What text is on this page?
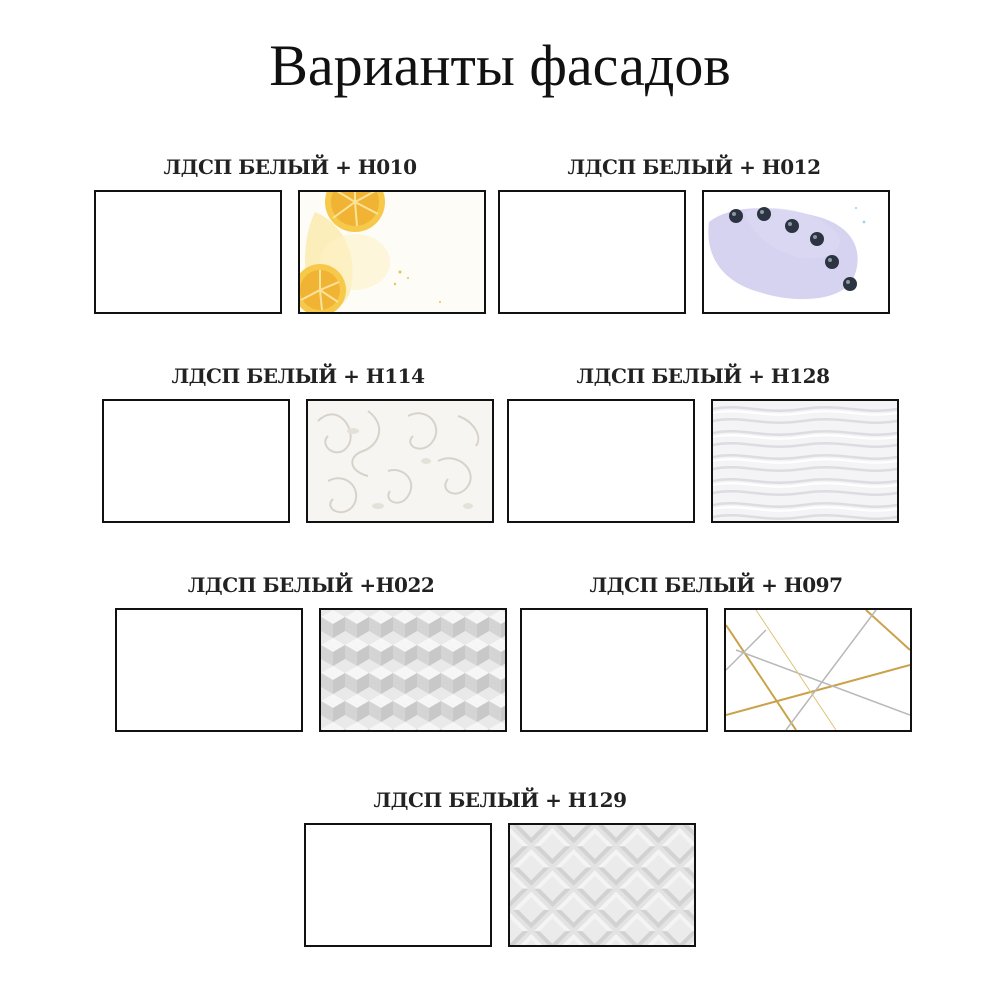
Варианты фасадов
ЛДСП БЕЛЫЙ + Н010	ЛДСП БЕЛЫЙ + Н012
ЛДСП БЕЛЫЙ + Н114	ЛДСП БЕЛЫЙ + Н128
ЛДСП БЕЛЫЙ +Н022	ЛДСП БЕЛЫЙ + Н097
ЛДСП БЕЛЫЙ + Н129
